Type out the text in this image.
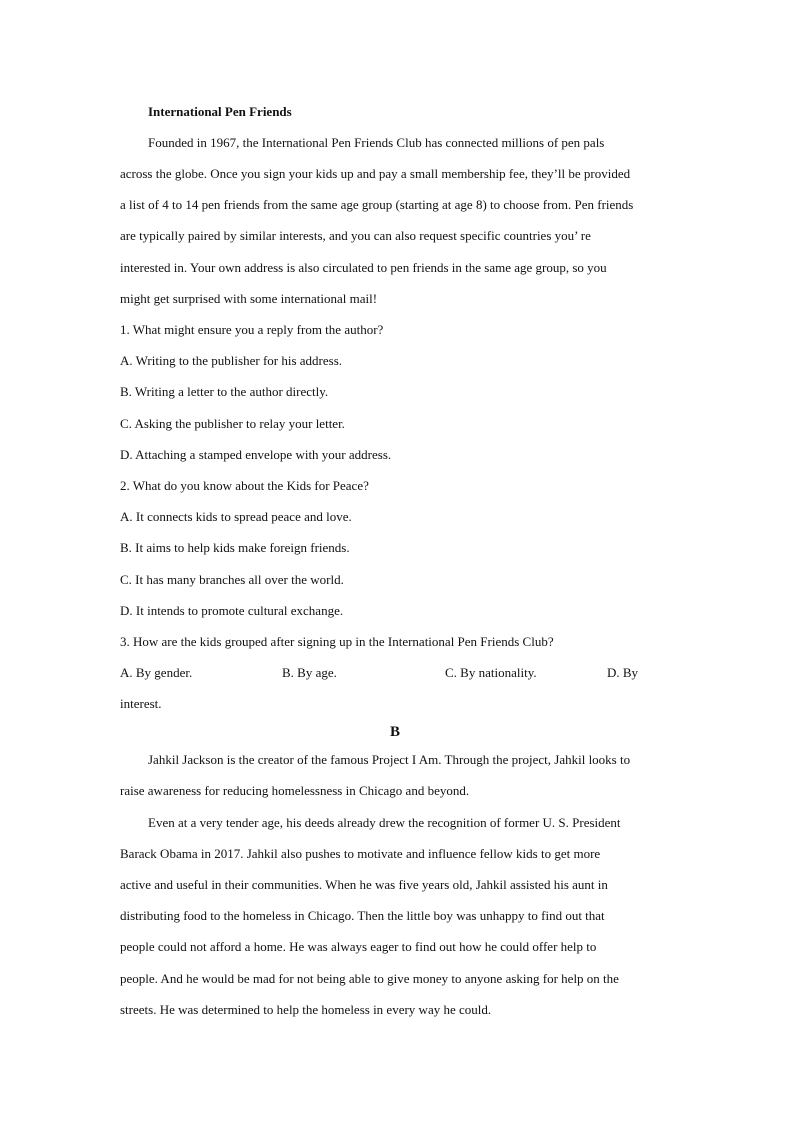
International Pen Friends
Founded in 1967, the International Pen Friends Club has connected millions of pen pals
across the globe. Once you sign your kids up and pay a small membership fee, they’ll be provided
a list of 4 to 14 pen friends from the same age group (starting at age 8) to choose from. Pen friends
are typically paired by similar interests, and you can also request specific countries you’ re
interested in. Your own address is also circulated to pen friends in the same age group, so you
might get surprised with some international mail!
1. What might ensure you a reply from the author?
A. Writing to the publisher for his address.
B. Writing a letter to the author directly.
C. Asking the publisher to relay your letter.
D. Attaching a stamped envelope with your address.
2. What do you know about the Kids for Peace?
A. It connects kids to spread peace and love.
B. It aims to help kids make foreign friends.
C. It has many branches all over the world.
D. It intends to promote cultural exchange.
3. How are the kids grouped after signing up in the International Pen Friends Club?
A. By gender.	B. By age.	C. By nationality.	D. By
interest.
B
Jahkil Jackson is the creator of the famous Project I Am. Through the project, Jahkil looks to
raise awareness for reducing homelessness in Chicago and beyond.
Even at a very tender age, his deeds already drew the recognition of former U. S. President
Barack Obama in 2017. Jahkil also pushes to motivate and influence fellow kids to get more
active and useful in their communities. When he was five years old, Jahkil assisted his aunt in
distributing food to the homeless in Chicago. Then the little boy was unhappy to find out that
people could not afford a home. He was always eager to find out how he could offer help to
people. And he would be mad for not being able to give money to anyone asking for help on the
streets. He was determined to help the homeless in every way he could.
